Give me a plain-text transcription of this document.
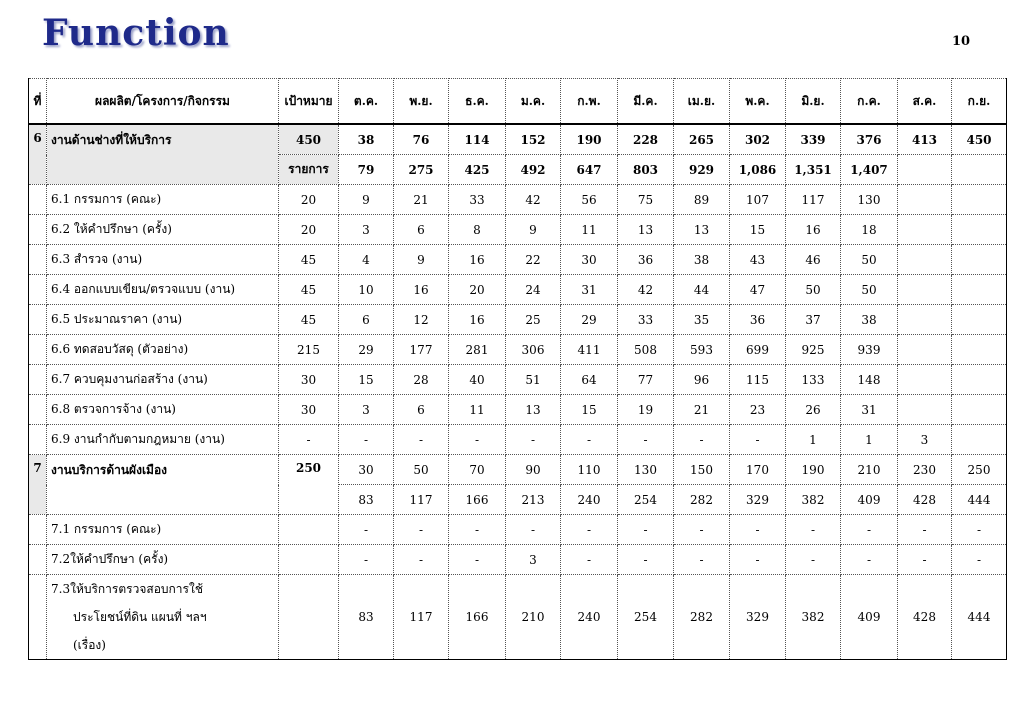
Function	10
ที่	ผลผลิต/โครงการ/กิจกรรม	เป้าหมาย	ต.ค.	พ.ย.	ธ.ค.	ม.ค.	ก.พ.	มี.ค.	เม.ย.	พ.ค.	มิ.ย.	ก.ค.	ส.ค.	ก.ย.
6	งานด้านช่างที่ให้บริการ	450	38	76	114	152	190	228	265	302	339	376	413	450
		รายการ	79	275	425	492	647	803	929	1,086	1,351	1,407		
	6.1 กรรมการ (คณะ)	20	9	21	33	42	56	75	89	107	117	130		
	6.2 ให้คำปรึกษา (ครั้ง)	20	3	6	8	9	11	13	13	15	16	18		
	6.3 สำรวจ (งาน)	45	4	9	16	22	30	36	38	43	46	50		
	6.4 ออกแบบเขียน/ตรวจแบบ (งาน)	45	10	16	20	24	31	42	44	47	50	50		
	6.5 ประมาณราคา (งาน)	45	6	12	16	25	29	33	35	36	37	38		
	6.6 ทดสอบวัสดุ (ตัวอย่าง)	215	29	177	281	306	411	508	593	699	925	939		
	6.7 ควบคุมงานก่อสร้าง (งาน)	30	15	28	40	51	64	77	96	115	133	148		
	6.8 ตรวจการจ้าง (งาน)	30	3	6	11	13	15	19	21	23	26	31		
	6.9 งานกำกับตามกฎหมาย (งาน)	-	-	-	-	-	-	-	-	-	1	1	3	
7	งานบริการด้านผังเมือง	250	30	50	70	90	110	130	150	170	190	210	230	250
			83	117	166	213	240	254	282	329	382	409	428	444
	7.1 กรรมการ (คณะ)		-	-	-	-	-	-	-	-	-	-	-	-
	7.2ให้คำปรึกษา (ครั้ง)		-	-	-	3	-	-	-	-	-	-	-	-

	7.3ให้บริการตรวจสอบการใช้
ประโยชน์ที่ดิน แผนที่ ฯลฯ
(เรื่อง)		83	117	166	210	240	254	282	329	382	409	428	444
